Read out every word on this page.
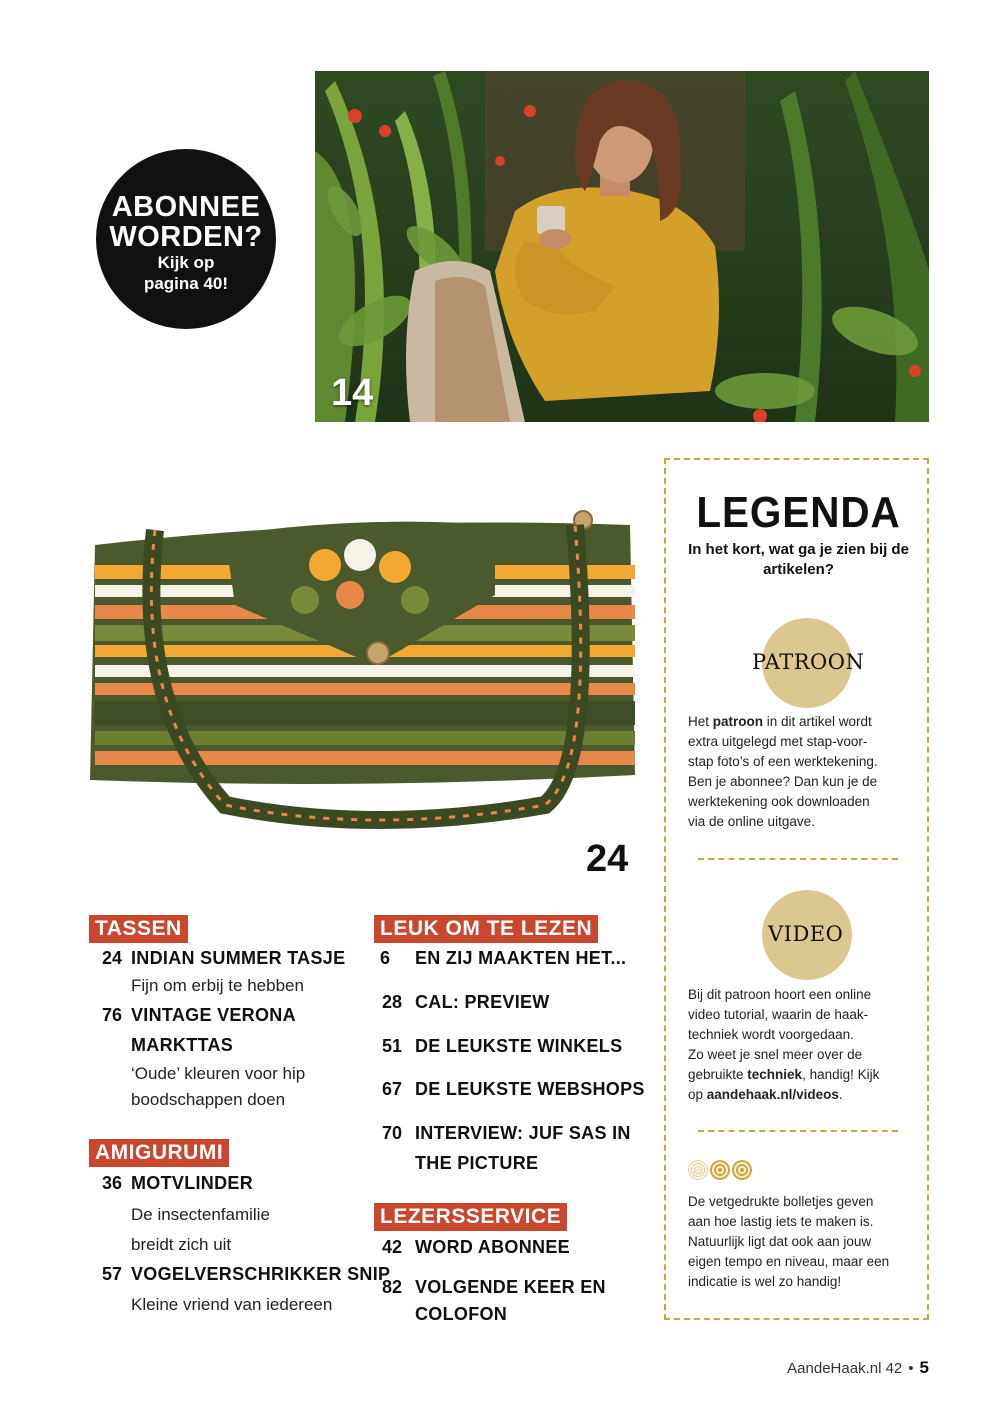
ABONNEE
WORDEN?
Kijk op
pagina 40!
14
24
LEGENDA
In het kort, wat ga je zien bij de artikelen?
PATROON
Het patroon in dit artikel wordt
extra uitgelegd met stap-voor-
stap foto’s of een werktekening.
Ben je abonnee? Dan kun je de
werktekening ook downloaden
via de online uitgave.
VIDEO
Bij dit patroon hoort een online
video tutorial, waarin de haak-
techniek wordt voorgedaan.
Zo weet je snel meer over de
gebruikte techniek, handig! Kijk
op aandehaak.nl/videos.
De vetgedrukte bolletjes geven
aan hoe lastig iets te maken is.
Natuurlijk ligt dat ook aan jouw
eigen tempo en niveau, maar een
indicatie is wel zo handig!
TASSEN
24 INDIAN SUMMER TASJE
Fijn om erbij te hebben
76 VINTAGE VERONA
MARKTTAS
‘Oude’ kleuren voor hip
boodschappen doen
AMIGURUMI
36 MOTVLINDER
De insectenfamilie
breidt zich uit
57 VOGELVERSCHRIKKER SNIP
Kleine vriend van iedereen
LEUK OM TE LEZEN
6 EN ZIJ MAAKTEN HET...
28 CAL: PREVIEW
51 DE LEUKSTE WINKELS
67 DE LEUKSTE WEBSHOPS
70 INTERVIEW: JUF SAS IN
THE PICTURE
LEZERSSERVICE
42 WORD ABONNEE
82 VOLGENDE KEER EN
COLOFON
AandeHaak.nl 42 • 5
